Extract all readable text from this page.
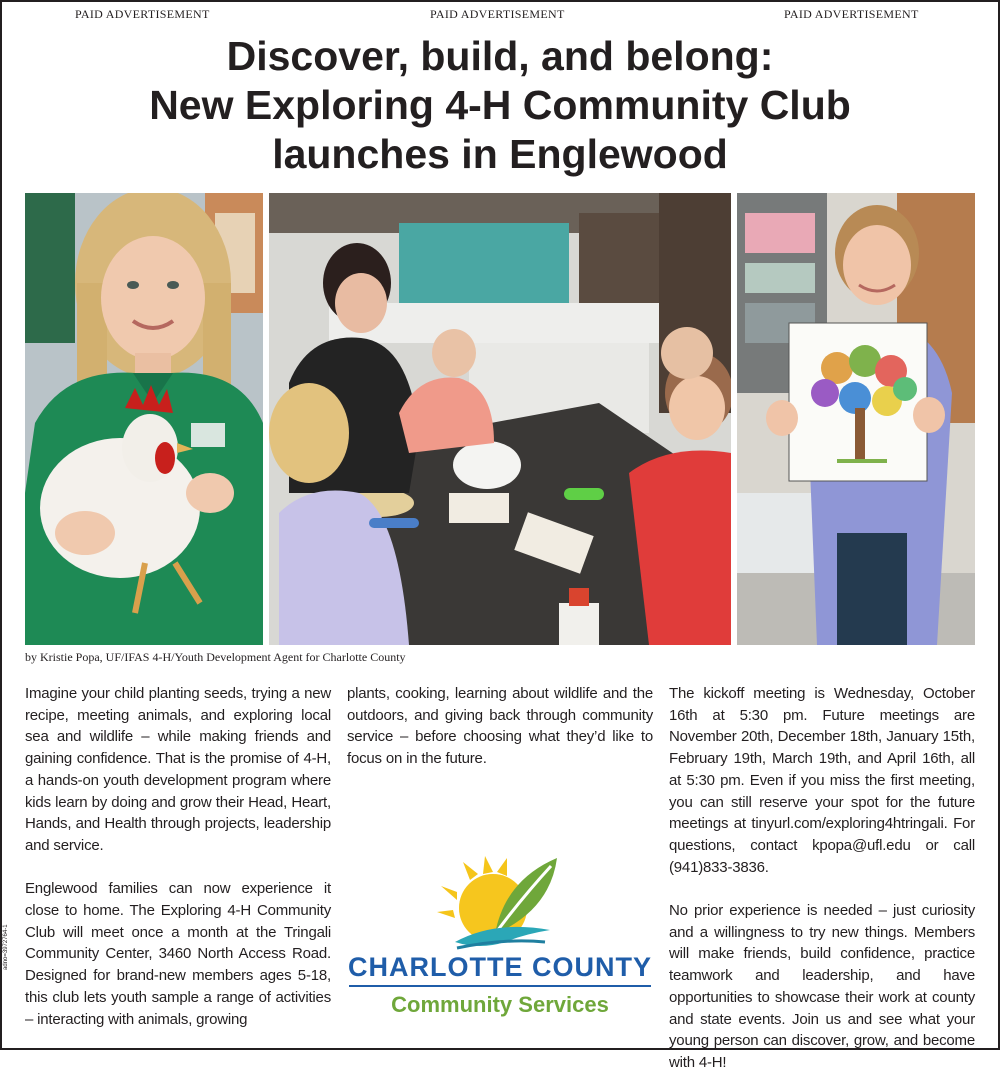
PAID ADVERTISEMENT	PAID ADVERTISEMENT	PAID ADVERTISEMENT
Discover, build, and belong:
New Exploring 4-H Community Club
launches in Englewood
by Kristie Popa, UF/IFAS 4-H/Youth Development Agent for Charlotte County

Imagine your child planting seeds, trying a new recipe, meeting animals, and exploring local sea and wildlife – while making friends and gaining confidence. That is the promise of 4-H, a hands-on youth development program where kids learn by doing and grow their Head, Heart, Hands, and Health through projects, leadership and service.

Englewood families can now experience it close to home. The Exploring 4-H Community Club will meet once a month at the Tringali Community Center, 3460 North Access Road. Designed for brand-new members ages 5-18, this club lets youth sample a range of activities – interacting with animals, growing

plants, cooking, learning about wildlife and the outdoors, and giving back through community service – before choosing what they’d like to focus on in the future.

The kickoff meeting is Wednesday, October 16th at 5:30 pm. Future meetings are November 20th, December 18th, January 15th, February 19th, March 19th, and April 16th, all at 5:30 pm. Even if you miss the first meeting, you can still reserve your spot for the future meetings at tinyurl.com/exploring4htringali. For questions, contact kpopa@ufl.edu or call (941)833-3836.

No prior experience is needed – just curiosity and a willingness to try new things. Members will make friends, build confidence, practice teamwork and leadership, and have opportunities to showcase their work at county and state events. Join us and see what your young person can discover, grow, and become with 4-H!

adno=3972764-1	CHARLOTTE COUNTY
Community Services
